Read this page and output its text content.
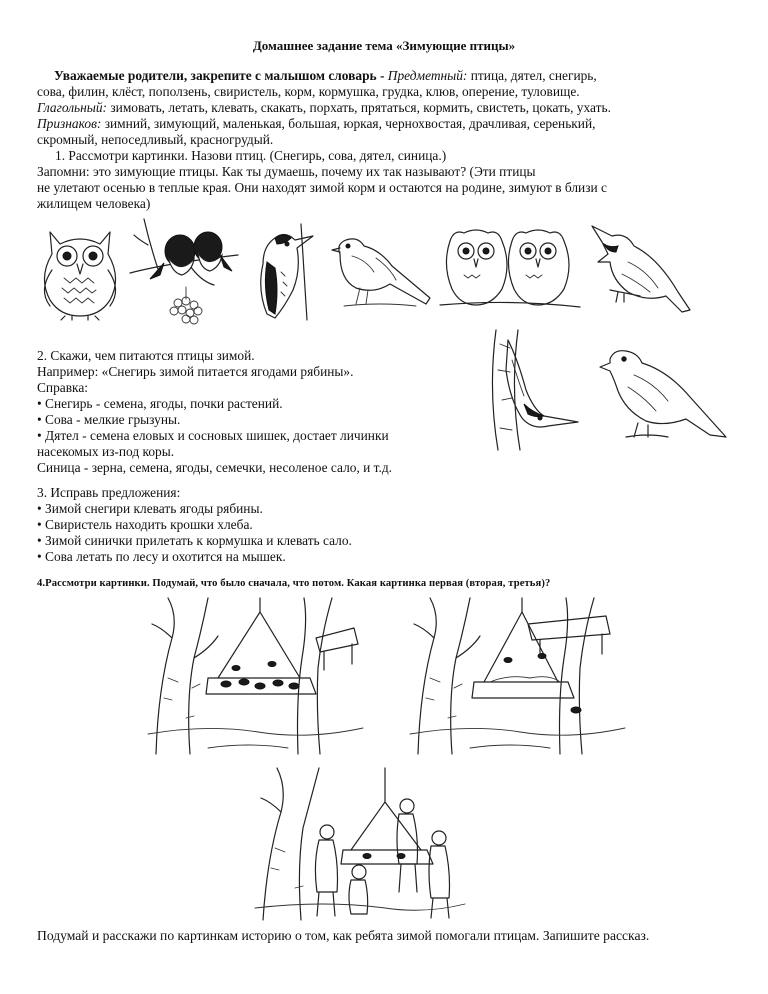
Домашнее задание тема «Зимующие птицы»
Уважаемые родители, закрепите с малышом словарь - Предметный: птица, дятел, снегирь,
сова, филин, клёст, поползень, свиристель, корм, кормушка, грудка, клюв, оперение, туловище.
Глагольный: зимовать, летать, клевать, скакать, порхать, прятаться, кормить, свистеть, цокать, ухать.
Признаков: зимний, зимующий, маленькая, большая, юркая, чернохвостая, драчливая, серенький,
скромный, непоседливый, красногрудый.
1. Рассмотри картинки. Назови птиц. (Снегирь, сова, дятел, синица.)
Запомни: это зимующие птицы. Как ты думаешь, почему их так называют? (Эти птицы
не улетают осенью в теплые края. Они находят зимой корм и остаются на родине, зимуют в близи с
жилищем человека)
2. Скажи, чем питаются птицы зимой.
Например: «Снегирь зимой питается ягодами рябины».
Справка:
• Снегирь - семена, ягоды, почки растений.
• Сова - мелкие грызуны.
• Дятел - семена еловых и сосновых шишек, достает личинки
насекомых из-под коры.
Синица - зерна, семена, ягоды, семечки, несоленое сало, и т.д.
3. Исправь предложения:
• Зимой снегири клевать ягоды рябины.
• Свиристель находить крошки хлеба.
• Зимой синички прилетать к кормушка и клевать сало.
• Сова летать по лесу и охотится на мышек.
4.Рассмотри картинки. Подумай, что было сначала, что потом. Какая картинка первая (вторая, третья)?
Подумай и расскажи по картинкам историю о том, как ребята зимой помогали птицам. Запишите рассказ.
